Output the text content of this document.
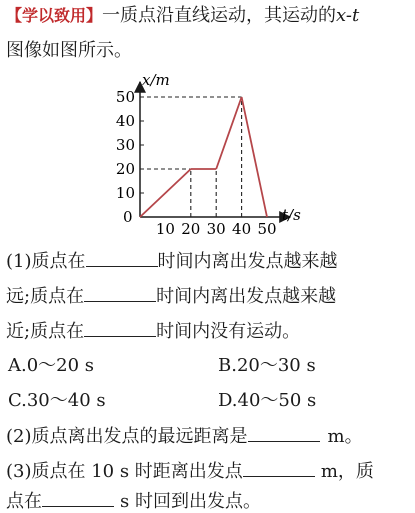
【学以致用】一质点沿直线运动，其运动的x-t
图像如图所示。
x/m
t/s
0
10 20 30 40 50
10
20
30
40
50
(1)质点在	时间内离出发点越来越
远;质点在	时间内离出发点越来越
近;质点在	时间内没有运动。
A.0～20 s	B.20～30 s
C.30～40 s	D.40～50 s
(2)质点离出发点的最远距离是	m。
(3)质点在 10 s 时距离出发点	m，质
点在	s 时回到出发点。
